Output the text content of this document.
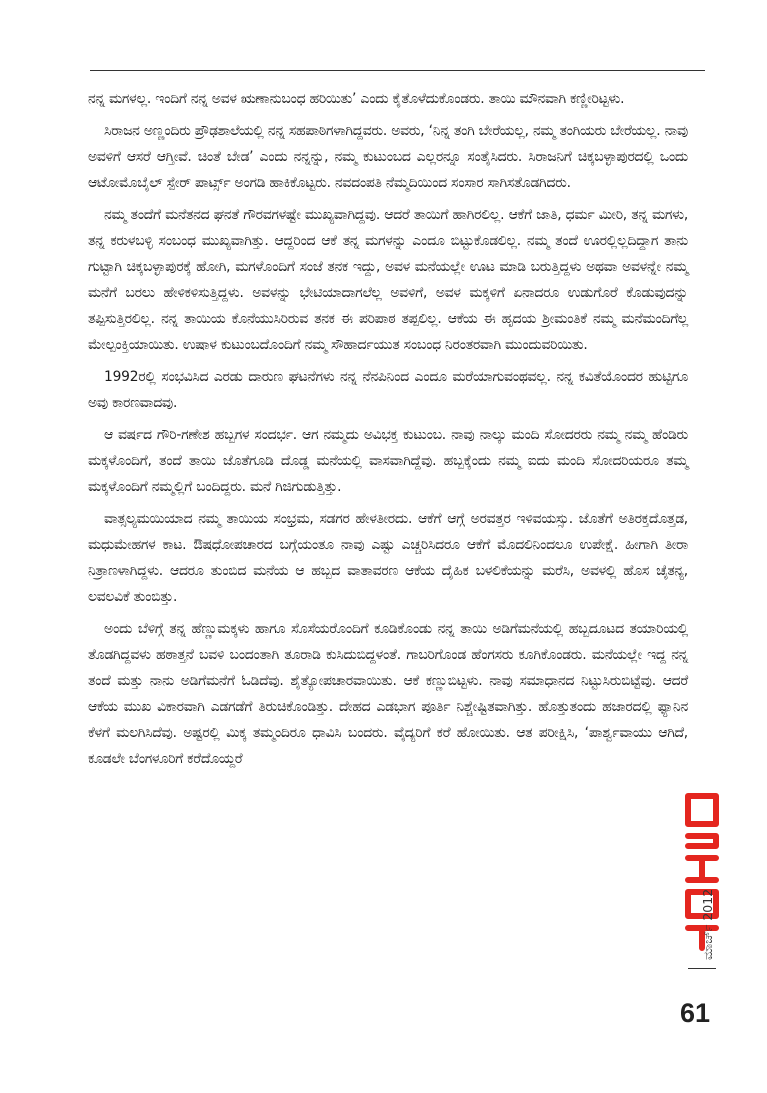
ನನ್ನ ಮಗಳಲ್ಲ. ಇಂದಿಗೆ ನನ್ನ ಅವಳ ಋಣಾನುಬಂಧ ಹರಿಯಿತು’ ಎಂದು ಕೈತೊಳೆದುಕೊಂಡರು. ತಾಯಿ ಮೌನವಾಗಿ ಕಣ್ಣೀರಿಟ್ಟಳು.

ಸಿರಾಜನ ಅಣ್ಣಂದಿರು ಪ್ರೌಢಶಾಲೆಯಲ್ಲಿ ನನ್ನ ಸಹಪಾಠಿಗಳಾಗಿದ್ದವರು. ಅವರು, ‘ನಿನ್ನ ತಂಗಿ ಬೇರೆಯಲ್ಲ, ನಮ್ಮ ತಂಗಿಯರು ಬೇರೆಯಲ್ಲ. ನಾವು ಅವಳಿಗೆ ಆಸರೆ ಆಗ್ತೀವೆ. ಚಿಂತೆ ಬೇಡ’ ಎಂದು ನನ್ನನ್ನು, ನಮ್ಮ ಕುಟುಂಬದ ಎಲ್ಲರನ್ನೂ ಸಂತೈಸಿದರು. ಸಿರಾಜನಿಗೆ ಚಿಕ್ಕಬಳ್ಳಾಪುರದಲ್ಲಿ ಒಂದು ಆಟೋಮೊಬೈಲ್ ಸ್ಪೇರ್ ಪಾರ್ಟ್ಸ್ ಅಂಗಡಿ ಹಾಕಿಕೊಟ್ಟರು. ನವದಂಪತಿ ನೆಮ್ಮದಿಯಿಂದ ಸಂಸಾರ ಸಾಗಿಸತೊಡಗಿದರು.

ನಮ್ಮ ತಂದೆಗೆ ಮನೆತನದ ಘನತೆ ಗೌರವಗಳಷ್ಟೇ ಮುಖ್ಯವಾಗಿದ್ದವು. ಆದರೆ ತಾಯಿಗೆ ಹಾಗಿರಲಿಲ್ಲ. ಆಕೆಗೆ ಜಾತಿ, ಧರ್ಮ ಮೀರಿ, ತನ್ನ ಮಗಳು, ತನ್ನ ಕರುಳಬಳ್ಳಿ ಸಂಬಂಧ ಮುಖ್ಯವಾಗಿತ್ತು. ಆದ್ದರಿಂದ ಆಕೆ ತನ್ನ ಮಗಳನ್ನು ಎಂದೂ ಬಿಟ್ಟುಕೊಡಲಿಲ್ಲ. ನಮ್ಮ ತಂದೆ ಊರಲ್ಲಿಲ್ಲದಿದ್ದಾಗ ತಾನು ಗುಟ್ಟಾಗಿ ಚಿಕ್ಕಬಳ್ಳಾಪುರಕ್ಕೆ ಹೋಗಿ, ಮಗಳೊಂದಿಗೆ ಸಂಜೆ ತನಕ ಇದ್ದು, ಅವಳ ಮನೆಯಲ್ಲೇ ಊಟ ಮಾಡಿ ಬರುತ್ತಿದ್ದಳು ಅಥವಾ ಅವಳನ್ನೇ ನಮ್ಮ ಮನೆಗೆ ಬರಲು ಹೇಳಿಕಳಿಸುತ್ತಿದ್ದಳು. ಅವಳನ್ನು ಭೇಟಿಯಾದಾಗಲೆಲ್ಲ ಅವಳಿಗೆ, ಅವಳ ಮಕ್ಕಳಿಗೆ ಏನಾದರೂ ಉಡುಗೊರೆ ಕೊಡುವುದನ್ನು ತಪ್ಪಿಸುತ್ತಿರಲಿಲ್ಲ. ನನ್ನ ತಾಯಿಯ ಕೊನೆಯುಸಿರಿರುವ ತನಕ ಈ ಪರಿಪಾಠ ತಪ್ಪಲಿಲ್ಲ. ಆಕೆಯ ಈ ಹೃದಯ ಶ್ರೀಮಂತಿಕೆ ನಮ್ಮ ಮನೆಮಂದಿಗೆಲ್ಲ ಮೇಲ್ಪಂಕ್ತಿಯಾಯಿತು. ಉಷಾಳ ಕುಟುಂಬದೊಂದಿಗೆ ನಮ್ಮ ಸೌಹಾರ್ದಯುತ ಸಂಬಂಧ ನಿರಂತರವಾಗಿ ಮುಂದುವರಿಯಿತು.

1992ರಲ್ಲಿ ಸಂಭವಿಸಿದ ಎರಡು ದಾರುಣ ಘಟನೆಗಳು ನನ್ನ ನೆನಪಿನಿಂದ ಎಂದೂ ಮರೆಯಾಗುವಂಥವಲ್ಲ. ನನ್ನ ಕವಿತೆಯೊಂದರ ಹುಟ್ಟಿಗೂ ಅವು ಕಾರಣವಾದವು.

ಆ ವರ್ಷದ ಗೌರಿ-ಗಣೇಶ ಹಬ್ಬಗಳ ಸಂದರ್ಭ. ಆಗ ನಮ್ಮದು ಅವಿಭಕ್ತ ಕುಟುಂಬ. ನಾವು ನಾಲ್ಕು ಮಂದಿ ಸೋದರರು ನಮ್ಮ ನಮ್ಮ ಹೆಂಡಿರು ಮಕ್ಕಳೊಂದಿಗೆ, ತಂದೆ ತಾಯಿ ಜೊತೆಗೂಡಿ ದೊಡ್ಡ ಮನೆಯಲ್ಲಿ ವಾಸವಾಗಿದ್ದೆವು. ಹಬ್ಬಕ್ಕೆಂದು ನಮ್ಮ ಐದು ಮಂದಿ ಸೋದರಿಯರೂ ತಮ್ಮ ಮಕ್ಕಳೊಂದಿಗೆ ನಮ್ಮಲ್ಲಿಗೆ ಬಂದಿದ್ದರು. ಮನೆ ಗಿಜಿಗುಡುತ್ತಿತ್ತು.

ವಾತ್ಸಲ್ಯಮಯಿಯಾದ ನಮ್ಮ ತಾಯಿಯ ಸಂಭ್ರಮ, ಸಡಗರ ಹೇಳತೀರದು. ಆಕೆಗೆ ಆಗ್ಗೆ ಅರವತ್ತರ ಇಳಿವಯಸ್ಸು. ಜೊತೆಗೆ ಅತಿರಕ್ತದೊತ್ತಡ, ಮಧುಮೇಹಗಳ ಕಾಟ. ಔಷಧೋಪಚಾರದ ಬಗ್ಗೆಯಂತೂ ನಾವು ಎಷ್ಟು ಎಚ್ಚರಿಸಿದರೂ ಆಕೆಗೆ ಮೊದಲಿನಿಂದಲೂ ಉಪೇಕ್ಷೆ. ಹೀಗಾಗಿ ತೀರಾ ನಿತ್ರಾಣಳಾಗಿದ್ದಳು. ಆದರೂ ತುಂಬಿದ ಮನೆಯ ಆ ಹಬ್ಬದ ವಾತಾವರಣ ಆಕೆಯ ದೈಹಿಕ ಬಳಲಿಕೆಯನ್ನು ಮರೆಸಿ, ಅವಳಲ್ಲಿ ಹೊಸ ಚೈತನ್ಯ, ಲವಲವಿಕೆ ತುಂಬಿತ್ತು.

ಅಂದು ಬೆಳಿಗ್ಗೆ ತನ್ನ ಹೆಣ್ಣುಮಕ್ಕಳು ಹಾಗೂ ಸೊಸೆಯರೊಂದಿಗೆ ಕೂಡಿಕೊಂಡು ನನ್ನ ತಾಯಿ ಅಡಿಗೆಮನೆಯಲ್ಲಿ ಹಬ್ಬದೂಟದ ತಯಾರಿಯಲ್ಲಿ ತೊಡಗಿದ್ದವಳು ಹಠಾತ್ತನೆ ಬವಳಿ ಬಂದಂತಾಗಿ ತೂರಾಡಿ ಕುಸಿದುಬಿದ್ದಳಂತೆ. ಗಾಬರಿಗೊಂಡ ಹೆಂಗಸರು ಕೂಗಿಕೊಂಡರು. ಮನೆಯಲ್ಲೇ ಇದ್ದ ನನ್ನ ತಂದೆ ಮತ್ತು ನಾನು ಅಡಿಗೆಮನೆಗೆ ಓಡಿದೆವು. ಶೈತ್ಯೋಪಚಾರವಾಯಿತು. ಆಕೆ ಕಣ್ಣುಬಿಟ್ಟಳು. ನಾವು ಸಮಾಧಾನದ ನಿಟ್ಟುಸಿರುಬಿಟ್ಟೆವು. ಆದರೆ ಆಕೆಯ ಮುಖ ವಿಕಾರವಾಗಿ ಎಡಗಡೆಗೆ ತಿರುಚಿಕೊಂಡಿತ್ತು. ದೇಹದ ಎಡಭಾಗ ಪೂರ್ತಿ ನಿಶ್ಚೇಷ್ಟಿತವಾಗಿತ್ತು. ಹೊತ್ತುತಂದು ಹಜಾರದಲ್ಲಿ ಫ್ಯಾನಿನ ಕೆಳಗೆ ಮಲಗಿಸಿದೆವು. ಅಷ್ಟರಲ್ಲಿ ಮಿಕ್ಕ ತಮ್ಮಂದಿರೂ ಧಾವಿಸಿ ಬಂದರು. ವೈದ್ಯರಿಗೆ ಕರೆ ಹೋಯಿತು. ಆತ ಪರೀಕ್ಷಿಸಿ, ‘ಪಾರ್ಶ್ವವಾಯು ಆಗಿದೆ, ಕೂಡಲೇ ಬೆಂಗಳೂರಿಗೆ ಕರೆದೊಯ್ದರೆ

ಮಾರ್ಚ್ 2012
61
